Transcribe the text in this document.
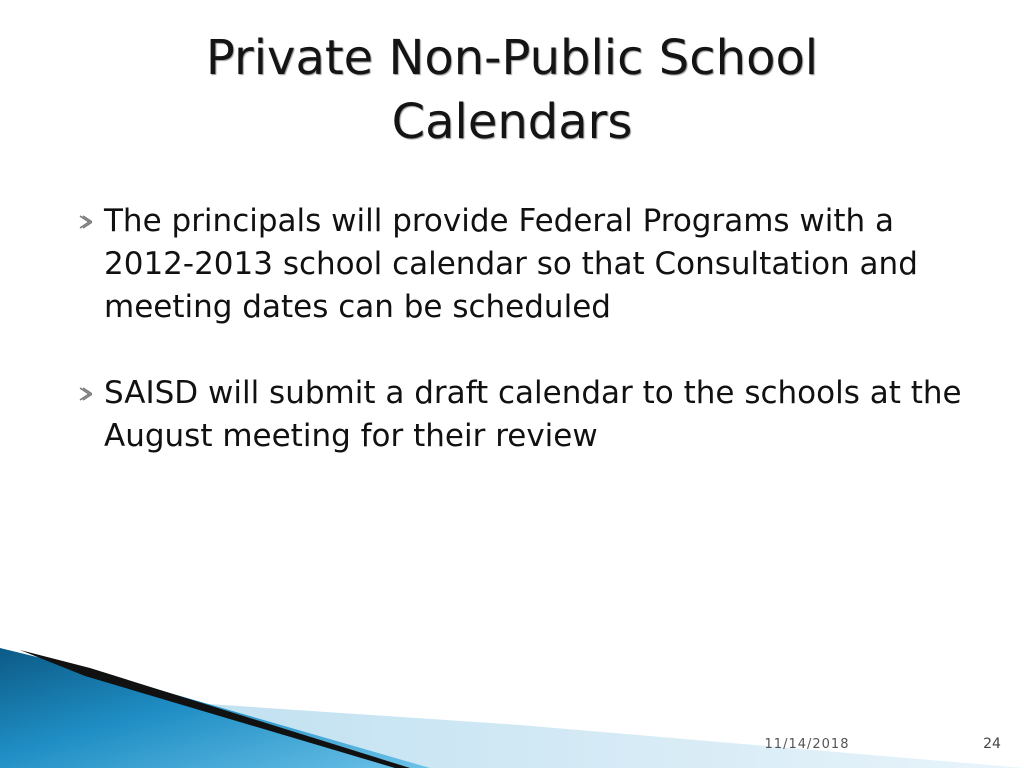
Private Non-Public School
Calendars
The principals will provide Federal Programs with a 2012-2013 school calendar so that Consultation and meeting dates can be scheduled
SAISD will submit a draft calendar to the schools at the August meeting for their review
11/14/2018	24
